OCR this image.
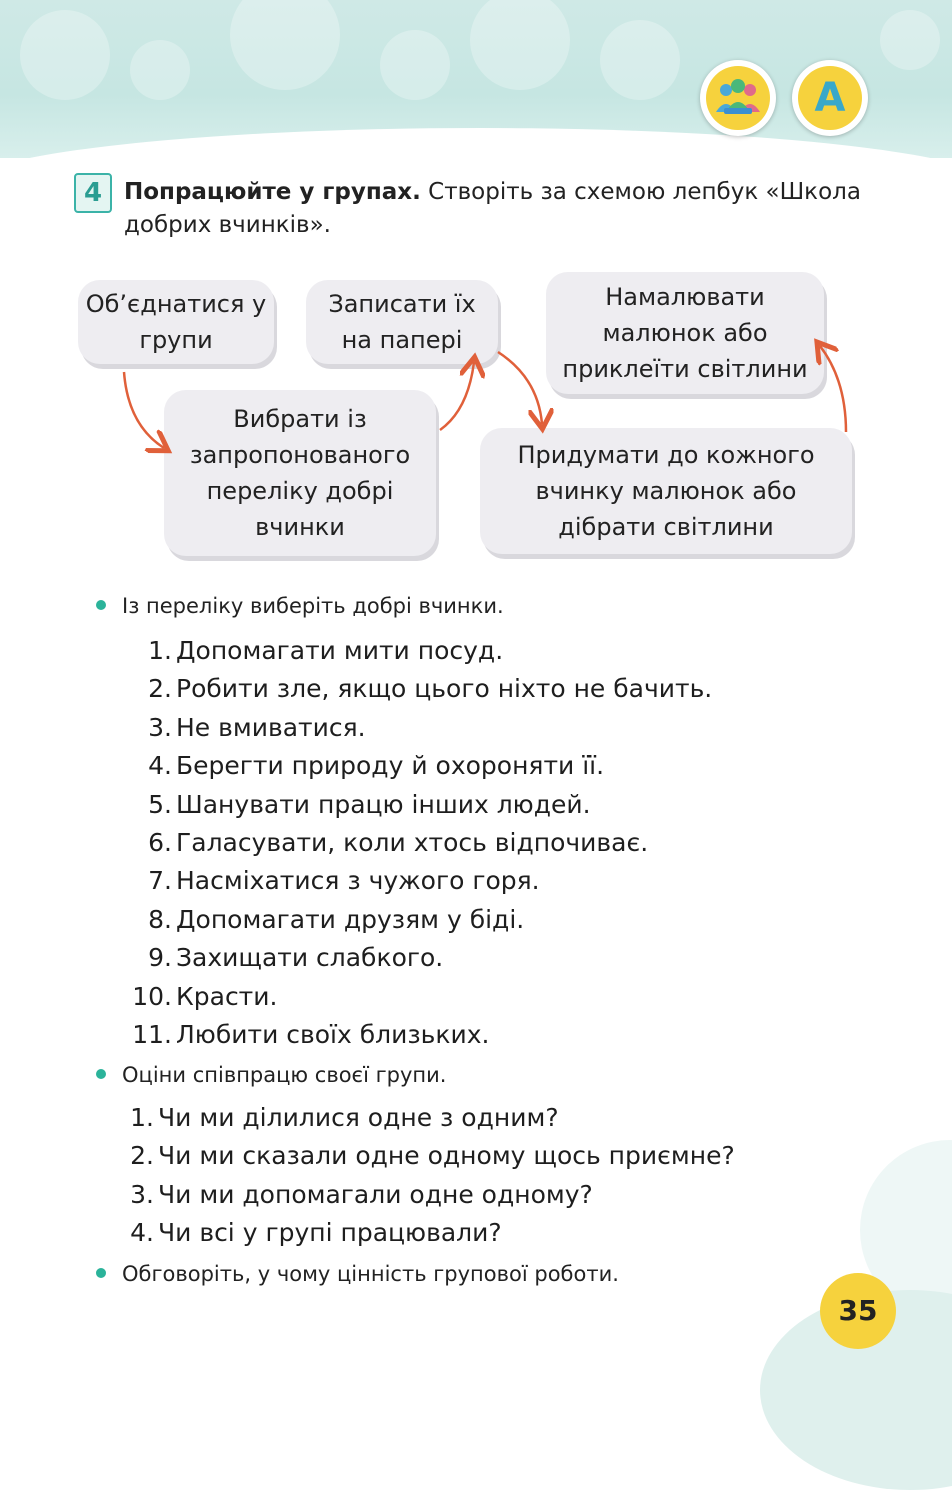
A
4 Попрацюйте у групах. Створіть за схемою лепбук «Школа добрих вчинків».
Об’єднатися у групи
Вибрати із запропонованого переліку добрі вчинки
Записати їх на папері
Придумати до кожного вчинку малюнок або дібрати світлини
Намалювати малюнок або приклеїти світлини
Із переліку виберіть добрі вчинки.
1. Допомагати мити посуд.
2. Робити зле, якщо цього ніхто не бачить.
3. Не вмиватися.
4. Берегти природу й охороняти її.
5. Шанувати працю інших людей.
6. Галасувати, коли хтось відпочиває.
7. Насміхатися з чужого горя.
8. Допомагати друзям у біді.
9. Захищати слабкого.
10. Красти.
11. Любити своїх близьких.
Оціни співпрацю своєї групи.
1. Чи ми ділилися одне з одним?
2. Чи ми сказали одне одному щось приємне?
3. Чи ми допомагали одне одному?
4. Чи всі у групі працювали?
Обговоріть, у чому цінність групової роботи.
35
